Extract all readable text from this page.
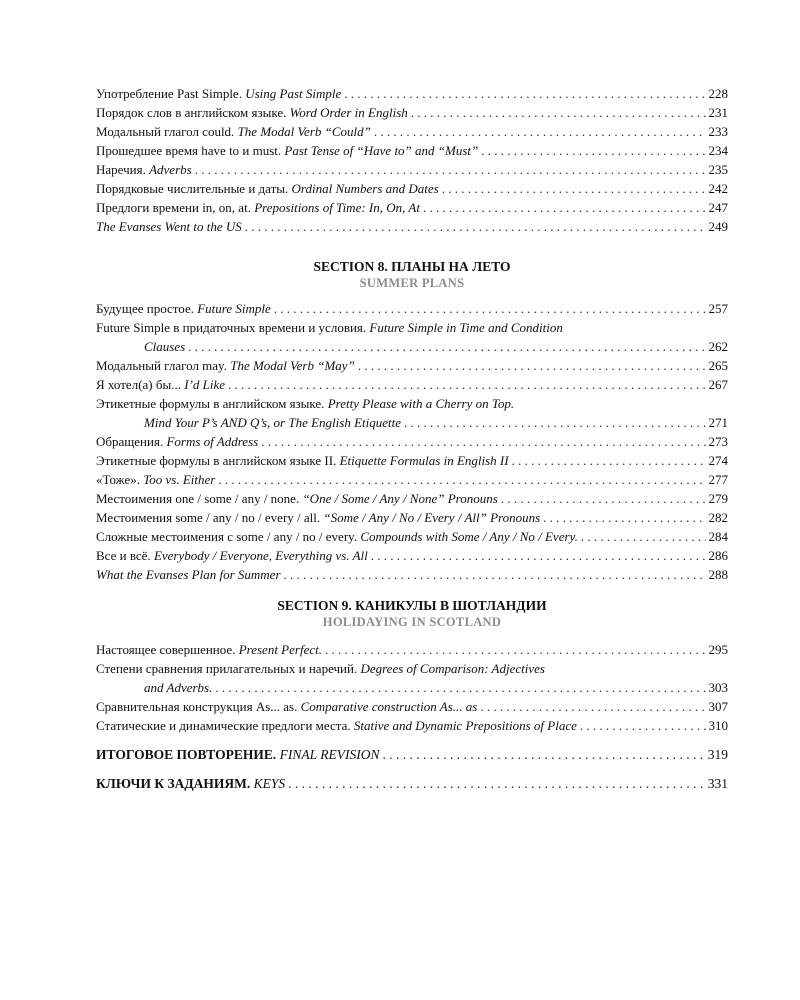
Употребление Past Simple. Using Past Simple . . .	228
Порядок слов в английском языке. Word Order in English . . .	231
Модальный глагол could. The Modal Verb “Could” . . .	233
Прошедшее время have to и must. Past Tense of “Have to” and “Must” . . .	234
Наречия. Adverbs . . .	235
Порядковые числительные и даты. Ordinal Numbers and Dates . . .	242
Предлоги времени in, on, at. Prepositions of Time: In, On, At . . .	247
The Evanses Went to the US . . .	249
SECTION 8. ПЛАНЫ НА ЛЕТО
SUMMER PLANS
Будущее простое. Future Simple . . .	257
Future Simple в придаточных времени и условия. Future Simple in Time and Condition
Clauses . . .	262
Модальный глагол may. The Modal Verb “May” . . .	265
Я хотел(а) бы... I’d Like . . .	267
Этикетные формулы в английском языке. Pretty Please with a Cherry on Top.
Mind Your P’s AND Q’s, or The English Etiquette . . .	271
Обращения. Forms of Address . . .	273
Этикетные формулы в английском языке II. Etiquette Formulas in English II . . .	274
«Тоже». Too vs. Either . . .	277
Местоимения one / some / any / none. “One / Some / Any / None” Pronouns . . .	279
Местоимения some / any / no / every / all. “Some / Any / No / Every / All” Pronouns . . .	282
Сложные местоимения с some / any / no / every. Compounds with Some / Any / No / Every. . . .	284
Все и всё. Everybody / Everyone, Everything vs. All . . .	286
What the Evanses Plan for Summer . . .	288
SECTION 9. КАНИКУЛЫ В ШОТЛАНДИИ
HOLIDAYING IN SCOTLAND
Настоящее совершенное. Present Perfect. . . .	295
Степени сравнения прилагательных и наречий. Degrees of Comparison: Adjectives
and Adverbs. . . .	303
Сравнительная конструкция As... as. Comparative construction As... as . . .	307
Статические и динамические предлоги места. Stative and Dynamic Prepositions of Place . . .	310
ИТОГОВОЕ ПОВТОРЕНИЕ. FINAL REVISION . . .	319
КЛЮЧИ К ЗАДАНИЯМ. KEYS . . .	331
